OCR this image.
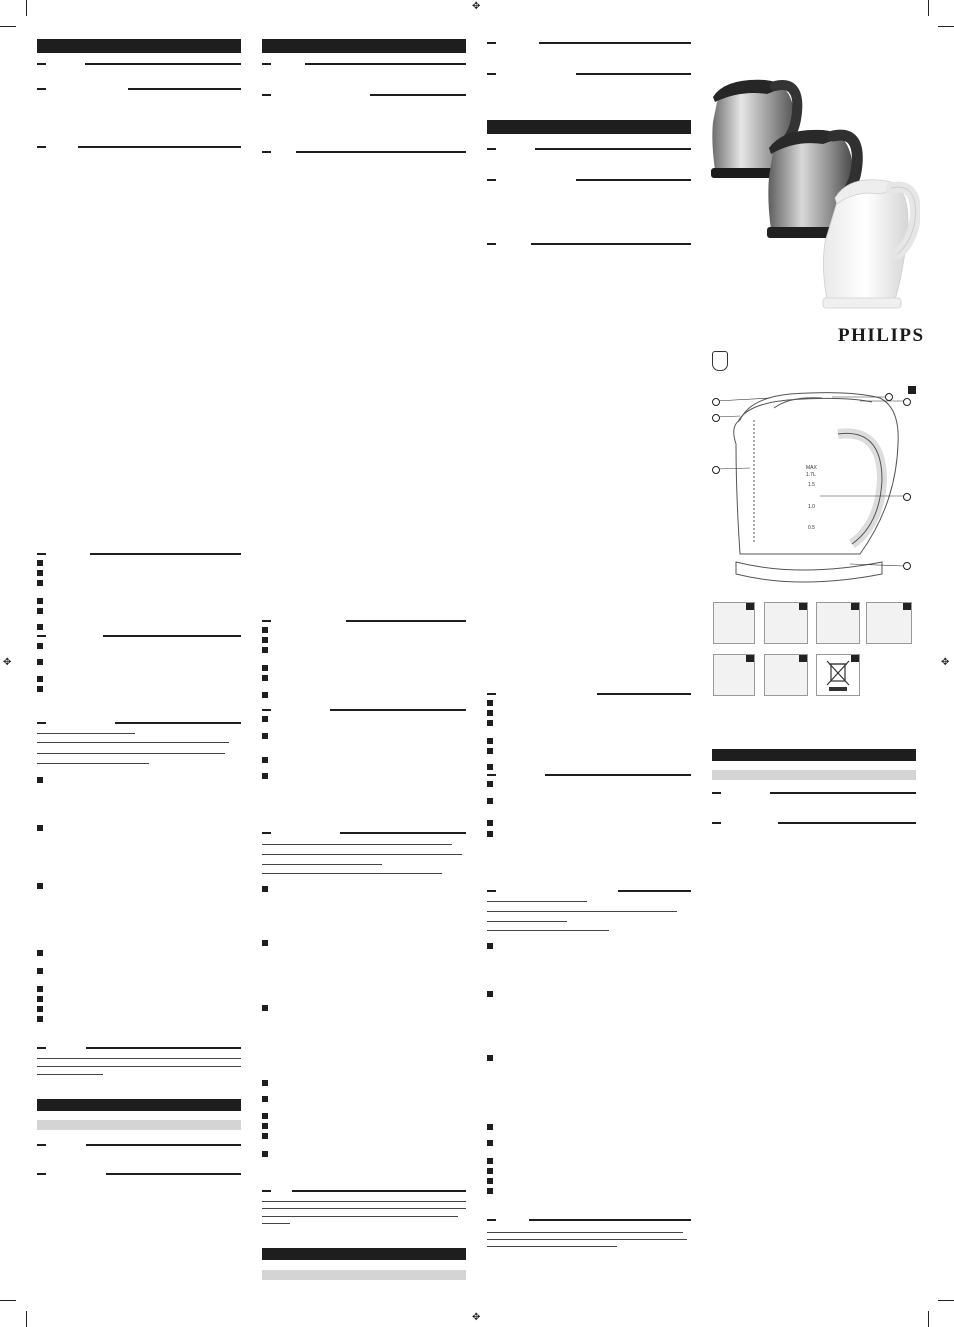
✥
✥
✥	✥
PHILIPS
MAX
1.7L
1.5
1.0
0.5
